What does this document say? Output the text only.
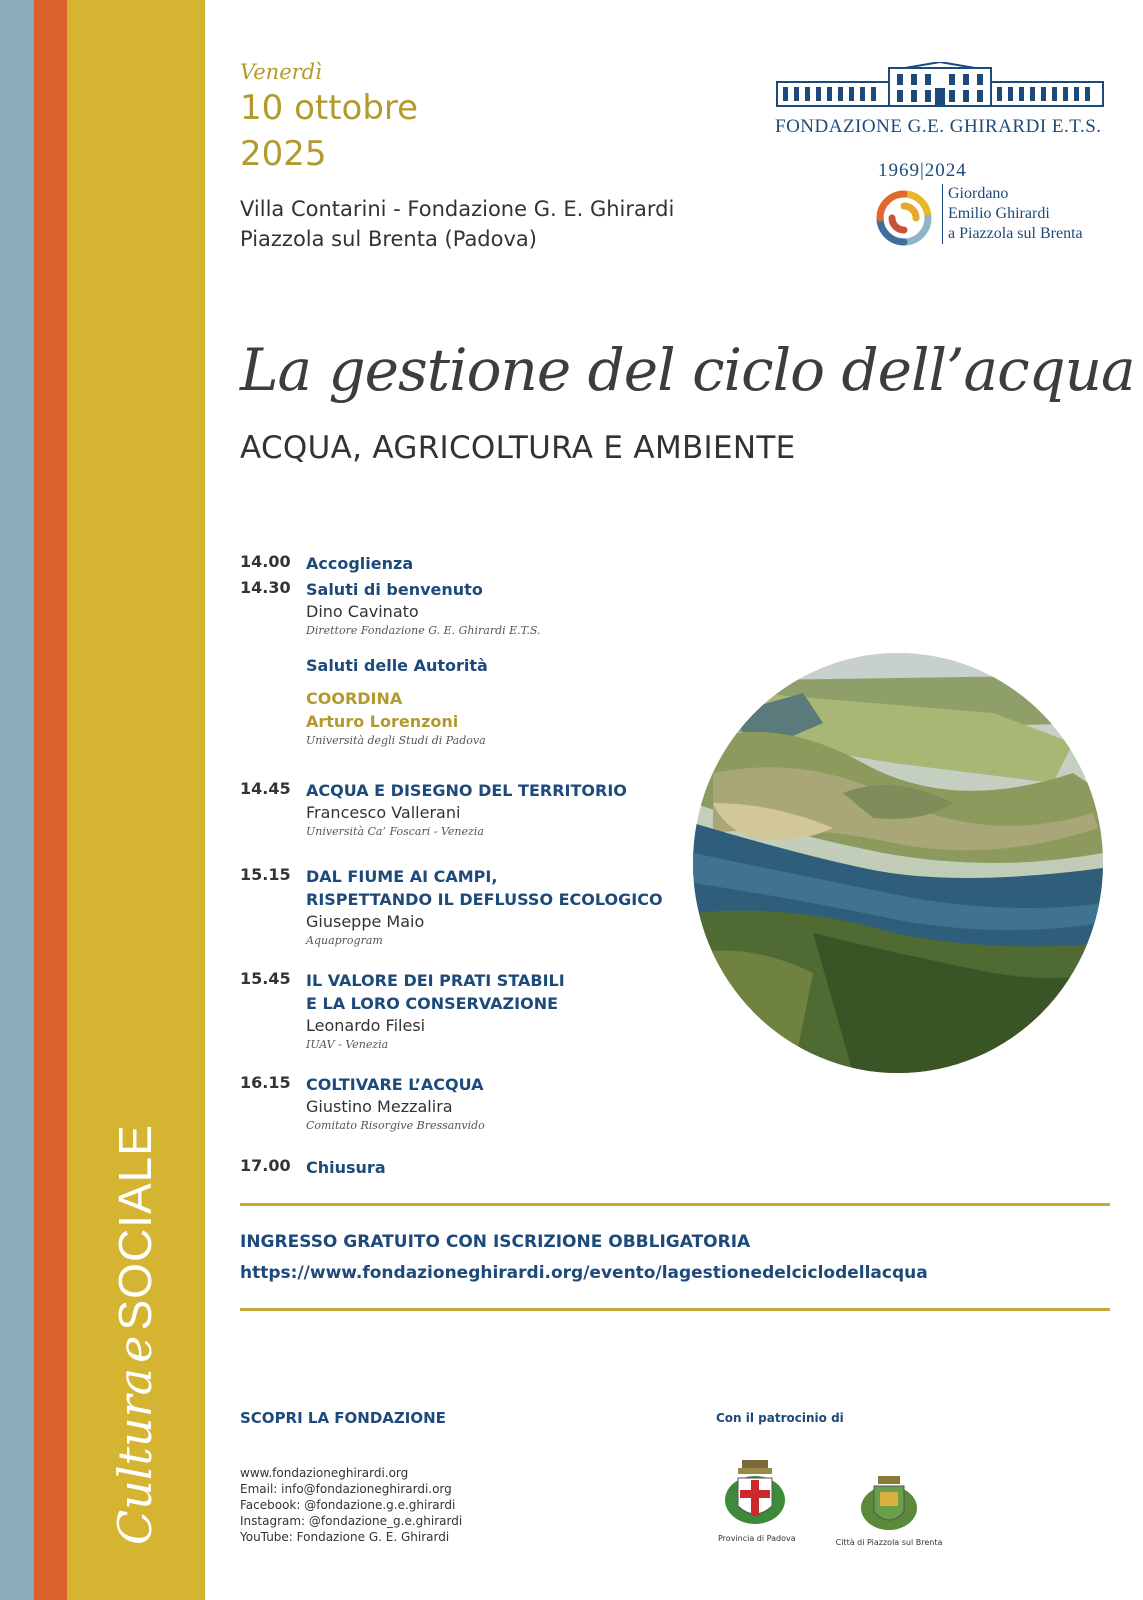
Cultura e SOCIALE
Venerdì
10 ottobre
2025
Villa Contarini - Fondazione G. E. Ghirardi
Piazzola sul Brenta (Padova)
FONDAZIONE G.E. GHIRARDI E.T.S.
1969|2024
Giordano
Emilio Ghirardi
a Piazzola sul Brenta
La gestione del ciclo dell’acqua
ACQUA, AGRICOLTURA E AMBIENTE
14.00 Accoglienza
14.30 Saluti di benvenuto
Dino Cavinato
Direttore Fondazione G. E. Ghirardi E.T.S.
Saluti delle Autorità
COORDINA
Arturo Lorenzoni
Università degli Studi di Padova
14.45 ACQUA E DISEGNO DEL TERRITORIO
Francesco Vallerani
Università Ca’ Foscari - Venezia
15.15 DAL FIUME AI CAMPI,
RISPETTANDO IL DEFLUSSO ECOLOGICO
Giuseppe Maio
Aquaprogram
15.45 IL VALORE DEI PRATI STABILI
E LA LORO CONSERVAZIONE
Leonardo Filesi
IUAV - Venezia
16.15 COLTIVARE L’ACQUA
Giustino Mezzalira
Comitato Risorgive Bressanvido
17.00 Chiusura
INGRESSO GRATUITO CON ISCRIZIONE OBBLIGATORIA
https://www.fondazioneghirardi.org/evento/lagestionedelciclodellacqua
SCOPRI LA FONDAZIONE
www.fondazioneghirardi.org
Email: info@fondazioneghirardi.org
Facebook: @fondazione.g.e.ghirardi
Instagram: @fondazione_g.e.ghirardi
YouTube: Fondazione G. E. Ghirardi
Con il patrocinio di
Provincia di Padova	Città di Piazzola sul Brenta
